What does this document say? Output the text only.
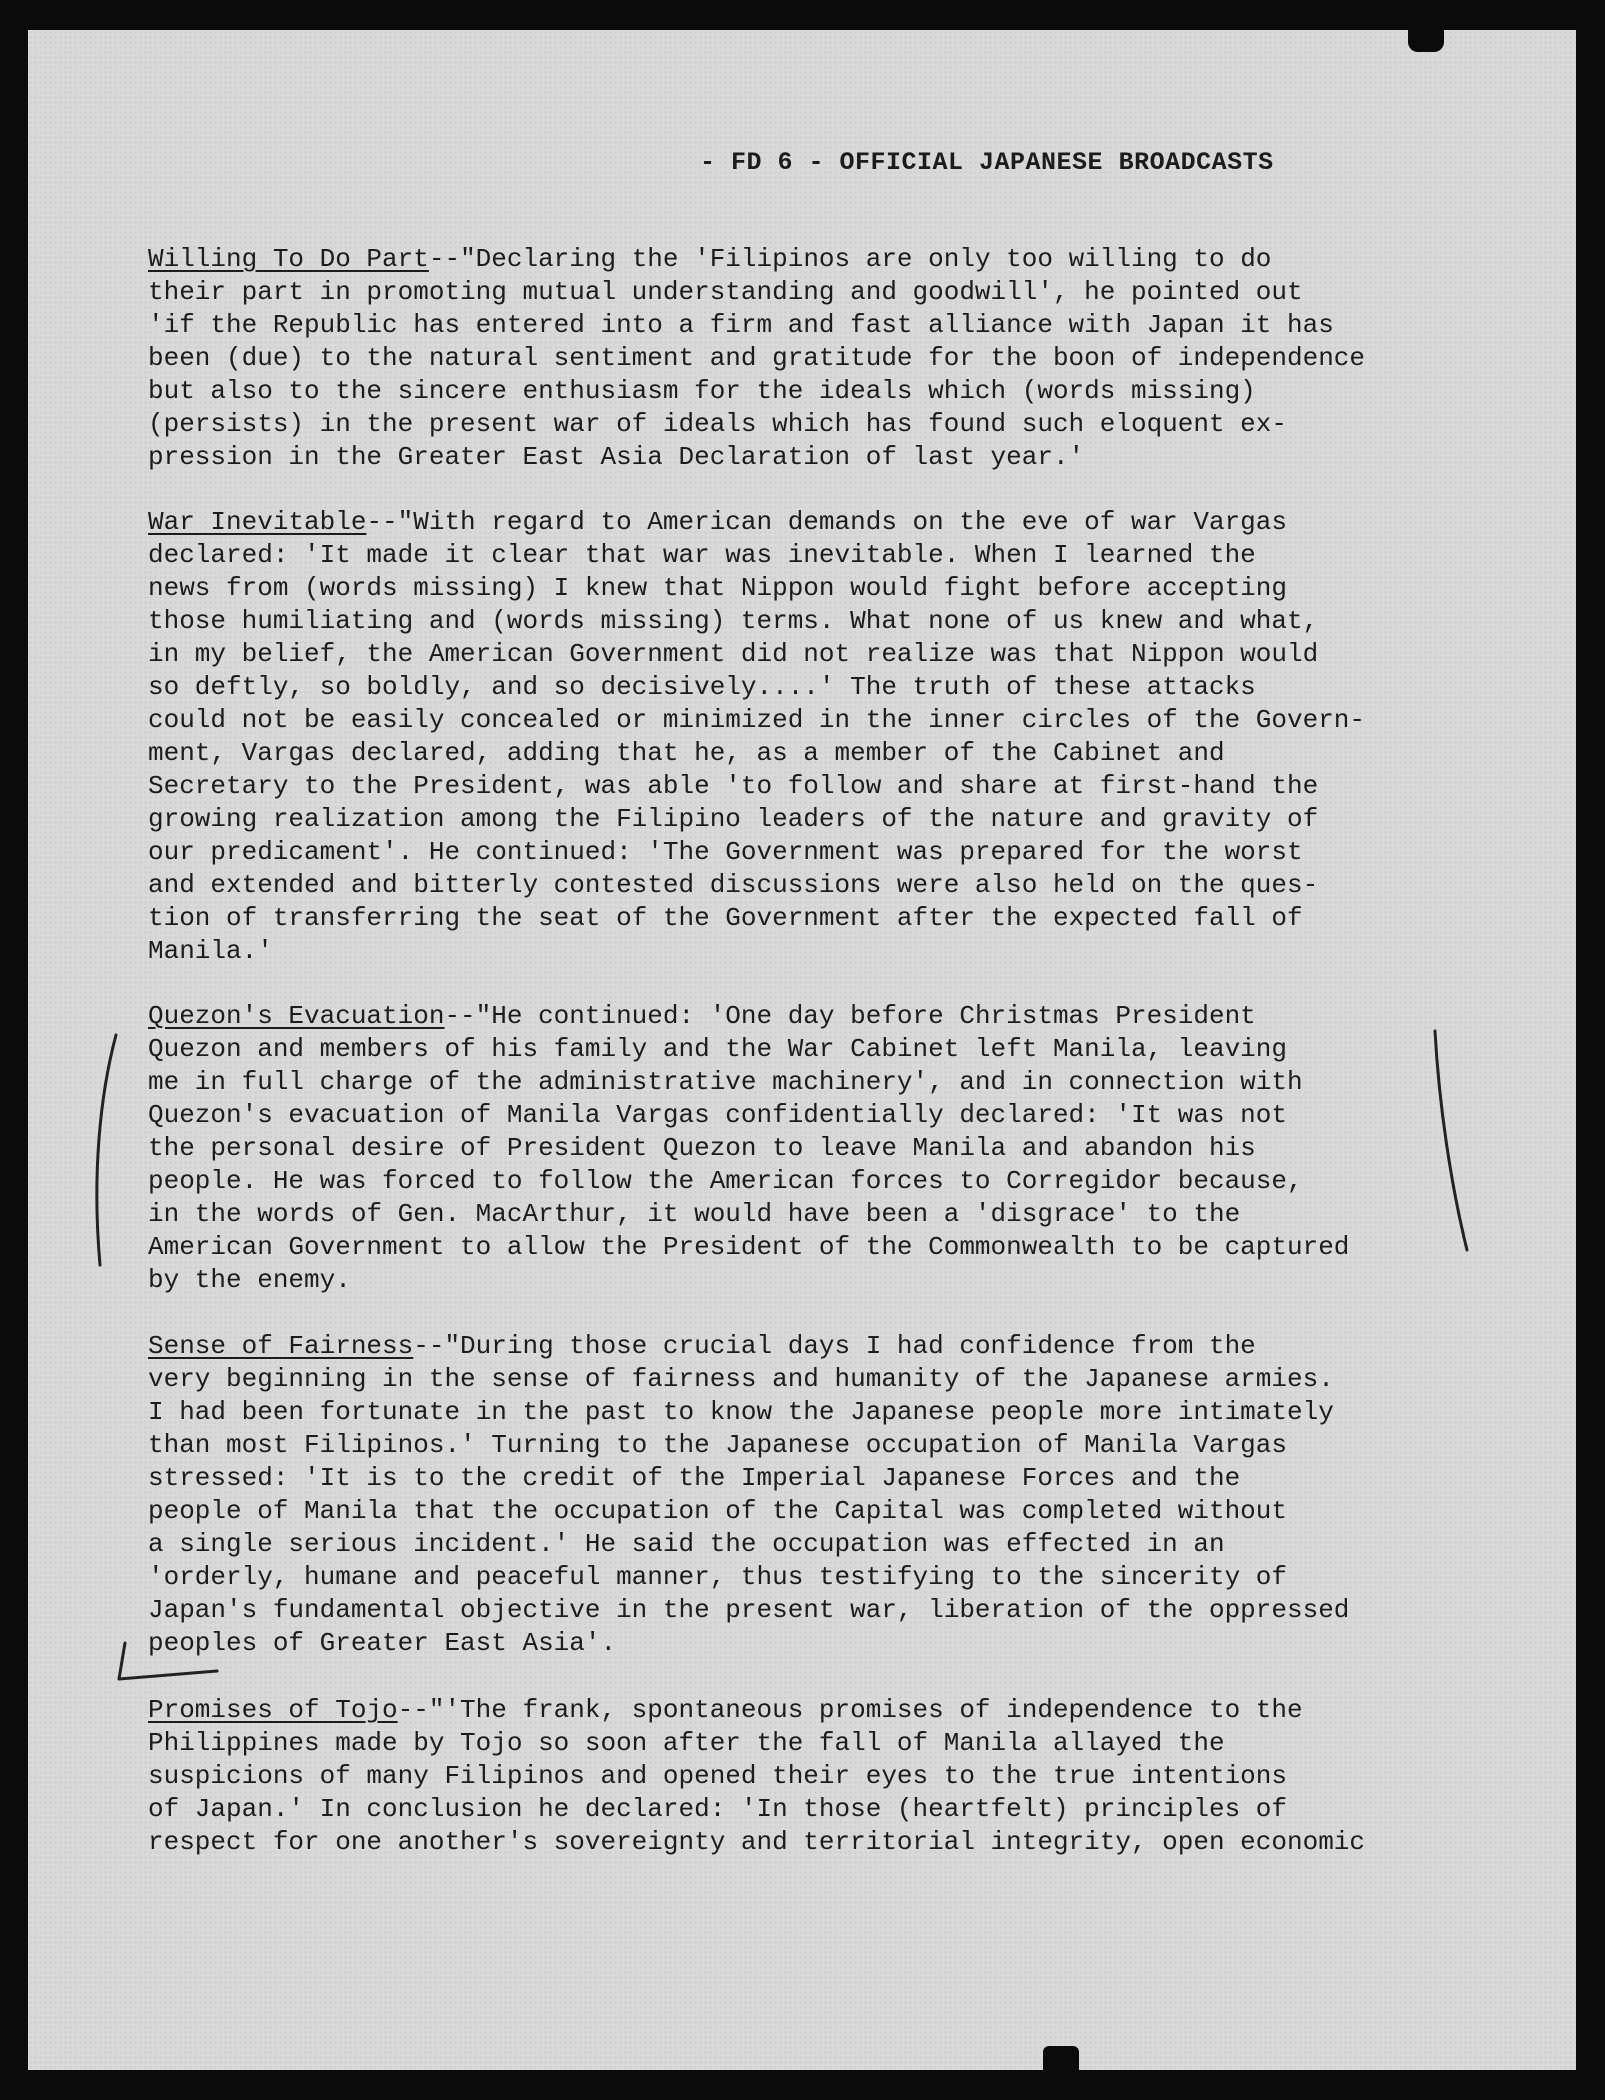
- FD 6 - OFFICIAL JAPANESE BROADCASTS
Willing To Do Part--"Declaring the 'Filipinos are only too willing to do
their part in promoting mutual understanding and goodwill', he pointed out
'if the Republic has entered into a firm and fast alliance with Japan it has
been (due) to the natural sentiment and gratitude for the boon of independence
but also to the sincere enthusiasm for the ideals which (words missing)
(persists) in the present war of ideals which has found such eloquent ex-
pression in the Greater East Asia Declaration of last year.'
War Inevitable--"With regard to American demands on the eve of war Vargas
declared: 'It made it clear that war was inevitable. When I learned the
news from (words missing) I knew that Nippon would fight before accepting
those humiliating and (words missing) terms. What none of us knew and what,
in my belief, the American Government did not realize was that Nippon would
so deftly, so boldly, and so decisively....' The truth of these attacks
could not be easily concealed or minimized in the inner circles of the Govern-
ment, Vargas declared, adding that he, as a member of the Cabinet and
Secretary to the President, was able 'to follow and share at first-hand the
growing realization among the Filipino leaders of the nature and gravity of
our predicament'. He continued: 'The Government was prepared for the worst
and extended and bitterly contested discussions were also held on the ques-
tion of transferring the seat of the Government after the expected fall of
Manila.'
Quezon's Evacuation--"He continued: 'One day before Christmas President
Quezon and members of his family and the War Cabinet left Manila, leaving
me in full charge of the administrative machinery', and in connection with
Quezon's evacuation of Manila Vargas confidentially declared: 'It was not
the personal desire of President Quezon to leave Manila and abandon his
people. He was forced to follow the American forces to Corregidor because,
in the words of Gen. MacArthur, it would have been a 'disgrace' to the
American Government to allow the President of the Commonwealth to be captured
by the enemy.
Sense of Fairness--"During those crucial days I had confidence from the
very beginning in the sense of fairness and humanity of the Japanese armies.
I had been fortunate in the past to know the Japanese people more intimately
than most Filipinos.' Turning to the Japanese occupation of Manila Vargas
stressed: 'It is to the credit of the Imperial Japanese Forces and the
people of Manila that the occupation of the Capital was completed without
a single serious incident.' He said the occupation was effected in an
'orderly, humane and peaceful manner, thus testifying to the sincerity of
Japan's fundamental objective in the present war, liberation of the oppressed
peoples of Greater East Asia'.
Promises of Tojo--"'The frank, spontaneous promises of independence to the
Philippines made by Tojo so soon after the fall of Manila allayed the
suspicions of many Filipinos and opened their eyes to the true intentions
of Japan.' In conclusion he declared: 'In those (heartfelt) principles of
respect for one another's sovereignty and territorial integrity, open economic
